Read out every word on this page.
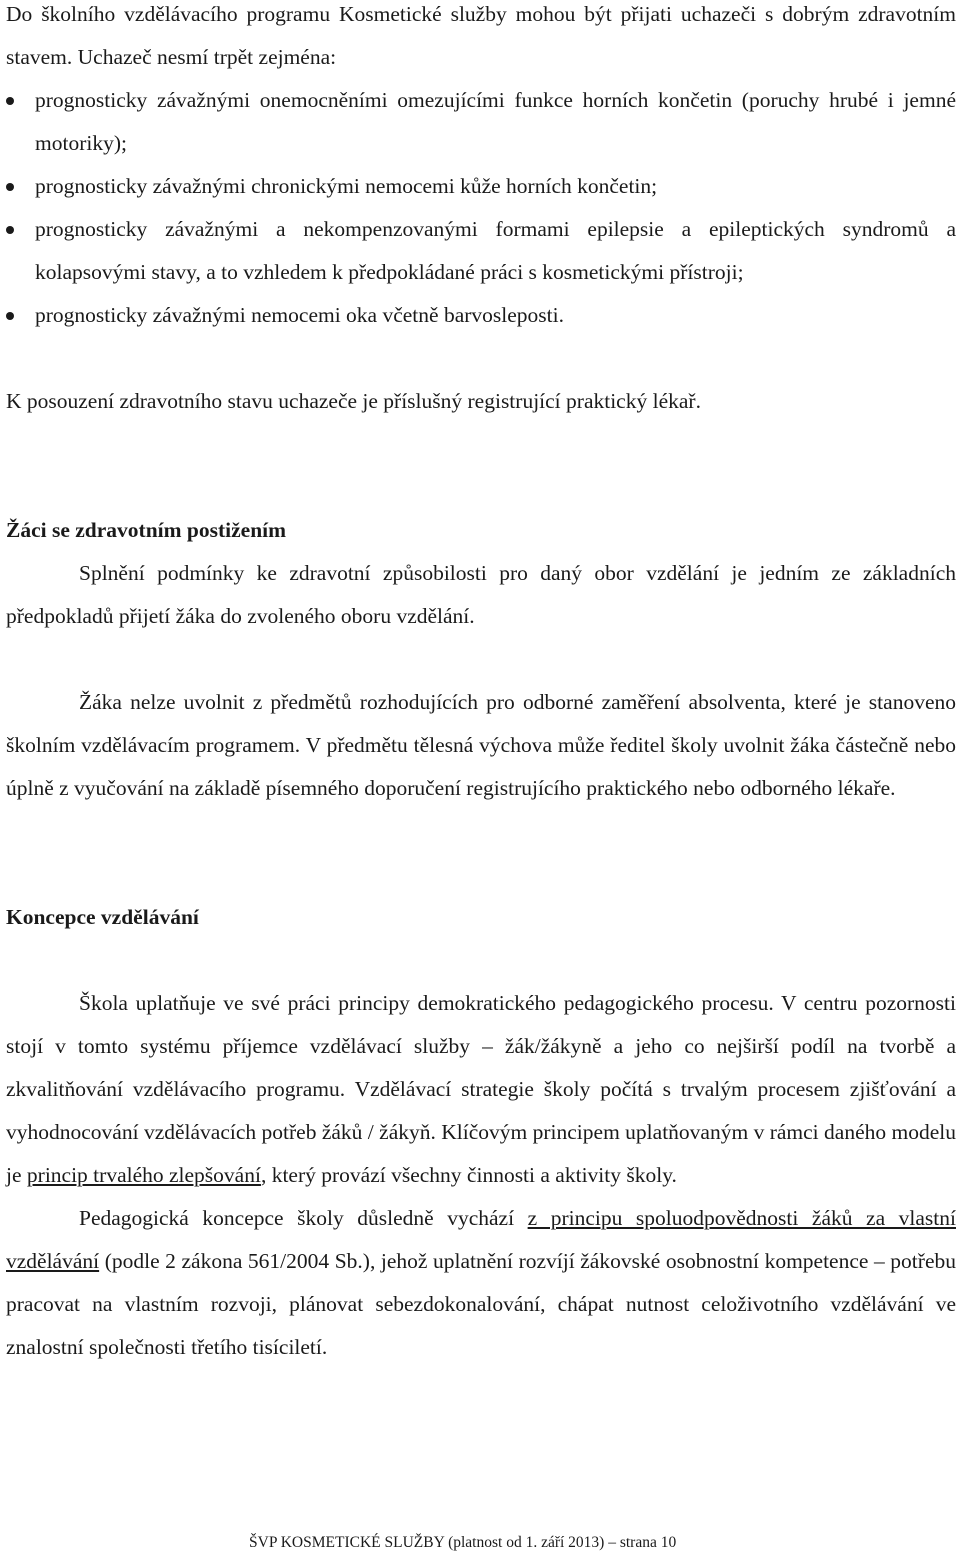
Do školního vzdělávacího programu Kosmetické služby mohou být přijati uchazeči s dobrým zdravotním stavem. Uchazeč nesmí trpět zejména:

prognosticky závažnými onemocněními omezujícími funkce horních končetin (poruchy hrubé i jemné motoriky);
prognosticky závažnými chronickými nemocemi kůže horních končetin;
prognosticky závažnými a nekompenzovanými formami epilepsie a epileptických syndromů a kolapsovými stavy, a to vzhledem k předpokládané práci s kosmetickými přístroji;
prognosticky závažnými nemocemi oka včetně barvosleposti.

K posouzení zdravotního stavu uchazeče je příslušný registrující praktický lékař.

Žáci se zdravotním postižením

Splnění podmínky ke zdravotní způsobilosti pro daný obor vzdělání je jedním ze základních předpokladů přijetí žáka do zvoleného oboru vzdělání.

Žáka nelze uvolnit z předmětů rozhodujících pro odborné zaměření absolventa, které je stanoveno školním vzdělávacím programem. V předmětu tělesná výchova může ředitel školy uvolnit žáka částečně nebo úplně z vyučování na základě písemného doporučení registrujícího praktického nebo odborného lékaře.

Koncepce vzdělávání

Škola uplatňuje ve své práci principy demokratického pedagogického procesu. V centru pozornosti stojí v tomto systému příjemce vzdělávací služby – žák/žákyně a jeho co nejširší podíl na tvorbě a zkvalitňování vzdělávacího programu. Vzdělávací strategie školy počítá s trvalým procesem zjišťování a vyhodnocování vzdělávacích potřeb žáků / žákyň. Klíčovým principem uplatňovaným v rámci daného modelu je princip trvalého zlepšování, který provází všechny činnosti a aktivity školy.

Pedagogická koncepce školy důsledně vychází z principu spoluodpovědnosti žáků za vlastní vzdělávání (podle 2 zákona 561/2004 Sb.), jehož uplatnění rozvíjí žákovské osobnostní kompetence – potřebu pracovat na vlastním rozvoji, plánovat sebezdokonalování, chápat nutnost celoživotního vzdělávání ve znalostní společnosti třetího tisíciletí.

ŠVP KOSMETICKÉ SLUŽBY (platnost od 1. září 2013) – strana 10
